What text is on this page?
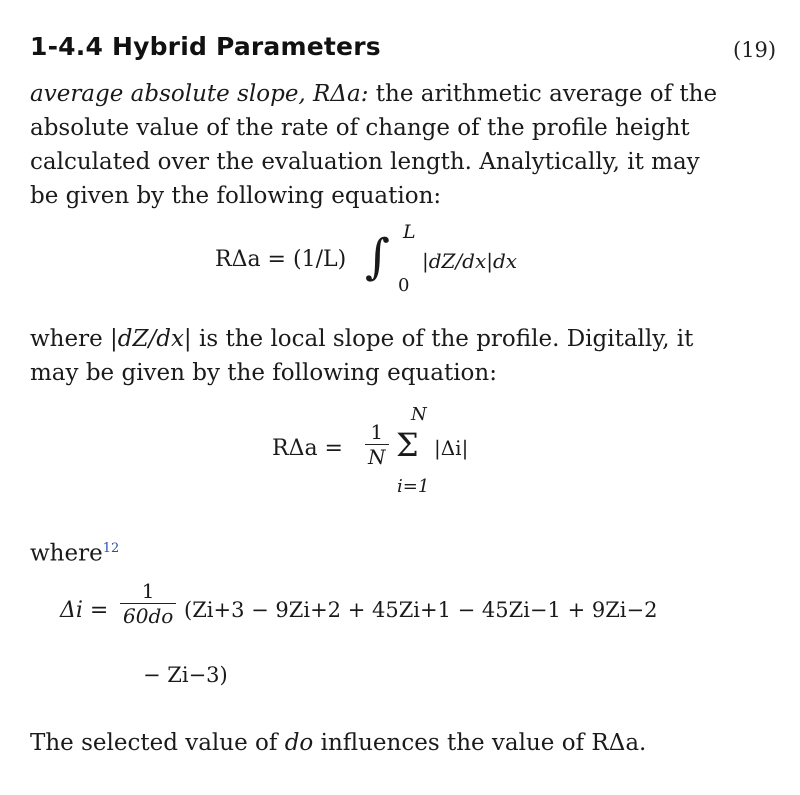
1-4.4 Hybrid Parameters	(19)
average absolute slope, RΔa: the arithmetic average of the
absolute value of the rate of change of the profile height
calculated over the evaluation length. Analytically, it may
be given by the following equation:
RΔa = (1/L) ∫ L
0
|dZ/dx|dx
where |dZ/dx| is the local slope of the profile. Digitally, it
may be given by the following equation:
$R\Delta a = \frac{1}{N}$
N
Σ
i=1
|Δi|
where$^{12}$
$\Delta i = \frac{1}{60do} (Zi+3 - 9Zi+2 + 45Zi+1 - 45Zi-1 + 9Zi-2$
− Zi−3)
The selected value of do influences the value of RΔa.
